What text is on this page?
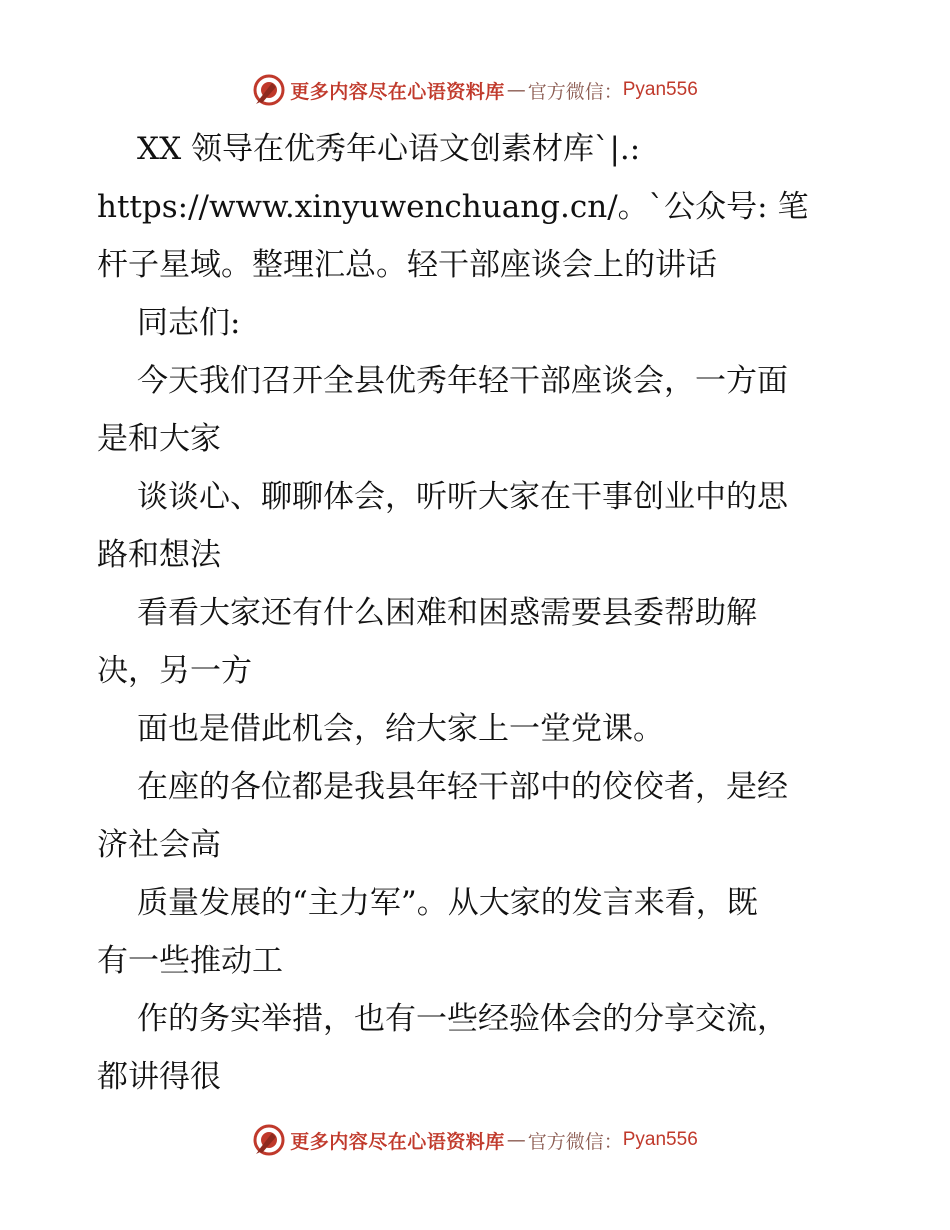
更多内容尽在心语资料库 — 官方微信： Pyan556
XX 领导在优秀年心语文创素材库`|.:
https://www.xinyuwenchuang.cn/。`公众号: 笔
杆子星域。整理汇总。轻干部座谈会上的讲话
同志们:
今天我们召开全县优秀年轻干部座谈会，一方面
是和大家
谈谈心、聊聊体会，听听大家在干事创业中的思
路和想法
看看大家还有什么困难和困惑需要县委帮助解
决，另一方
面也是借此机会，给大家上一堂党课。
在座的各位都是我县年轻干部中的佼佼者，是经
济社会高
质量发展的“主力军”。从大家的发言来看，既
有一些推动工
作的务实举措，也有一些经验体会的分享交流，
都讲得很
更多内容尽在心语资料库 — 官方微信： Pyan556
